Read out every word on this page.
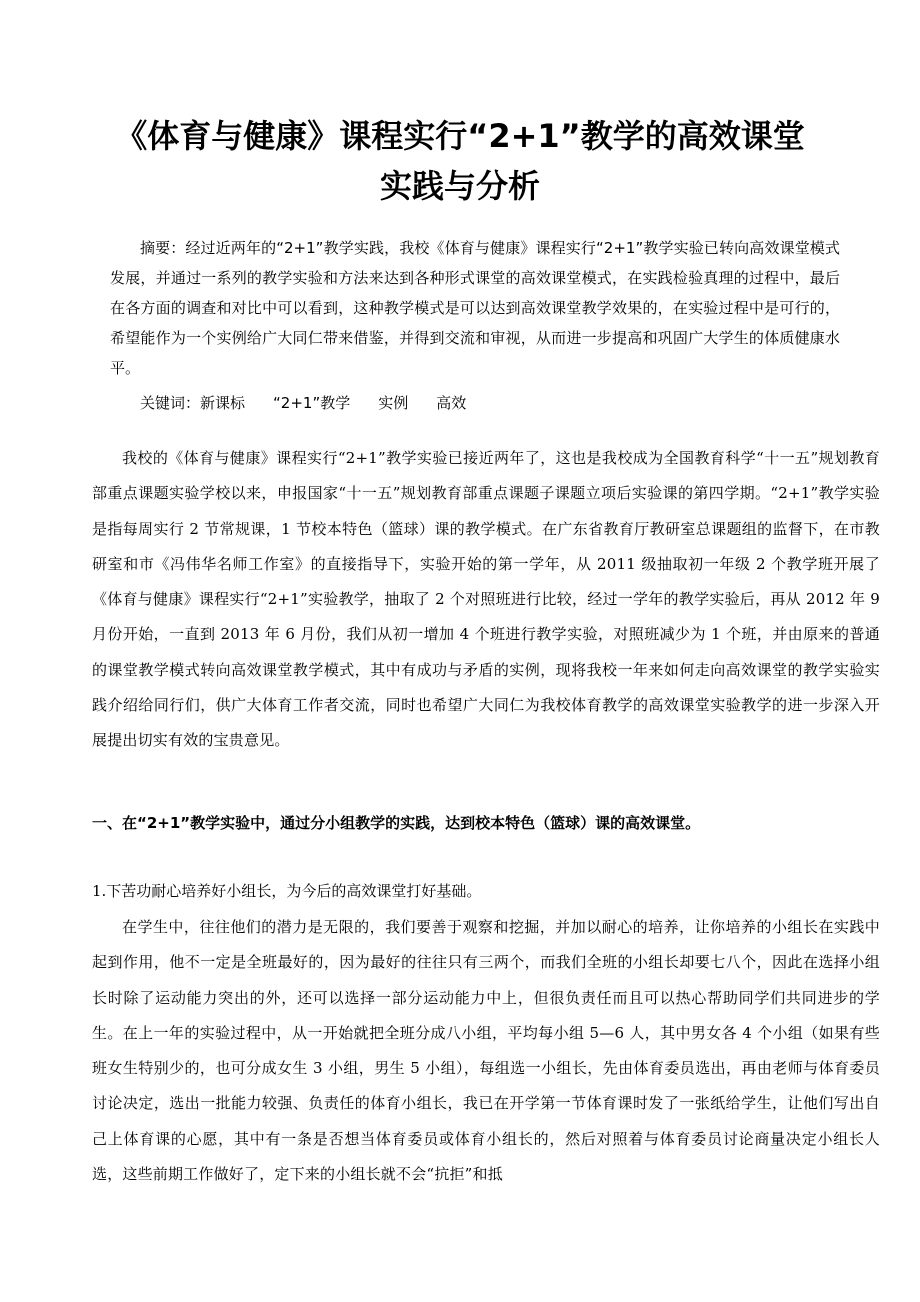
《体育与健康》课程实行“2+1”教学的高效课堂
实践与分析

摘要：经过近两年的“2+1”教学实践，我校《体育与健康》课程实行“2+1”教学实验已转向高效课堂模式发展，并通过一系列的教学实验和方法来达到各种形式课堂的高效课堂模式，在实践检验真理的过程中，最后在各方面的调查和对比中可以看到，这种教学模式是可以达到高效课堂教学效果的，在实验过程中是可行的，希望能作为一个实例给广大同仁带来借鉴，并得到交流和审视，从而进一步提高和巩固广大学生的体质健康水平。

关键词：新课标 “2+1”教学 实例 高效

我校的《体育与健康》课程实行“2+1”教学实验已接近两年了，这也是我校成为全国教育科学“十一五”规划教育部重点课题实验学校以来，申报国家“十一五”规划教育部重点课题子课题立项后实验课的第四学期。“2+1”教学实验是指每周实行 2 节常规课，1 节校本特色（篮球）课的教学模式。在广东省教育厅教研室总课题组的监督下，在市教研室和市《冯伟华名师工作室》的直接指导下，实验开始的第一学年，从 2011 级抽取初一年级 2 个教学班开展了《体育与健康》课程实行“2+1”实验教学，抽取了 2 个对照班进行比较，经过一学年的教学实验后，再从 2012 年 9 月份开始，一直到 2013 年 6 月份，我们从初一增加 4 个班进行教学实验，对照班减少为 1 个班，并由原来的普通的课堂教学模式转向高效课堂教学模式，其中有成功与矛盾的实例，现将我校一年来如何走向高效课堂的教学实验实践介绍给同行们，供广大体育工作者交流，同时也希望广大同仁为我校体育教学的高效课堂实验教学的进一步深入开展提出切实有效的宝贵意见。

一、在“2+1”教学实验中，通过分小组教学的实践，达到校本特色（篮球）课的高效课堂。

1.下苦功耐心培养好小组长，为今后的高效课堂打好基础。

在学生中，往往他们的潜力是无限的，我们要善于观察和挖掘，并加以耐心的培养，让你培养的小组长在实践中起到作用，他不一定是全班最好的，因为最好的往往只有三两个，而我们全班的小组长却要七八个，因此在选择小组长时除了运动能力突出的外，还可以选择一部分运动能力中上，但很负责任而且可以热心帮助同学们共同进步的学生。在上一年的实验过程中，从一开始就把全班分成八小组，平均每小组 5—6 人，其中男女各 4 个小组（如果有些班女生特别少的，也可分成女生 3 小组，男生 5 小组），每组选一小组长，先由体育委员选出，再由老师与体育委员讨论决定，选出一批能力较强、负责任的体育小组长，我已在开学第一节体育课时发了一张纸给学生，让他们写出自己上体育课的心愿，其中有一条是否想当体育委员或体育小组长的，然后对照着与体育委员讨论商量决定小组长人选，这些前期工作做好了，定下来的小组长就不会“抗拒”和抵
